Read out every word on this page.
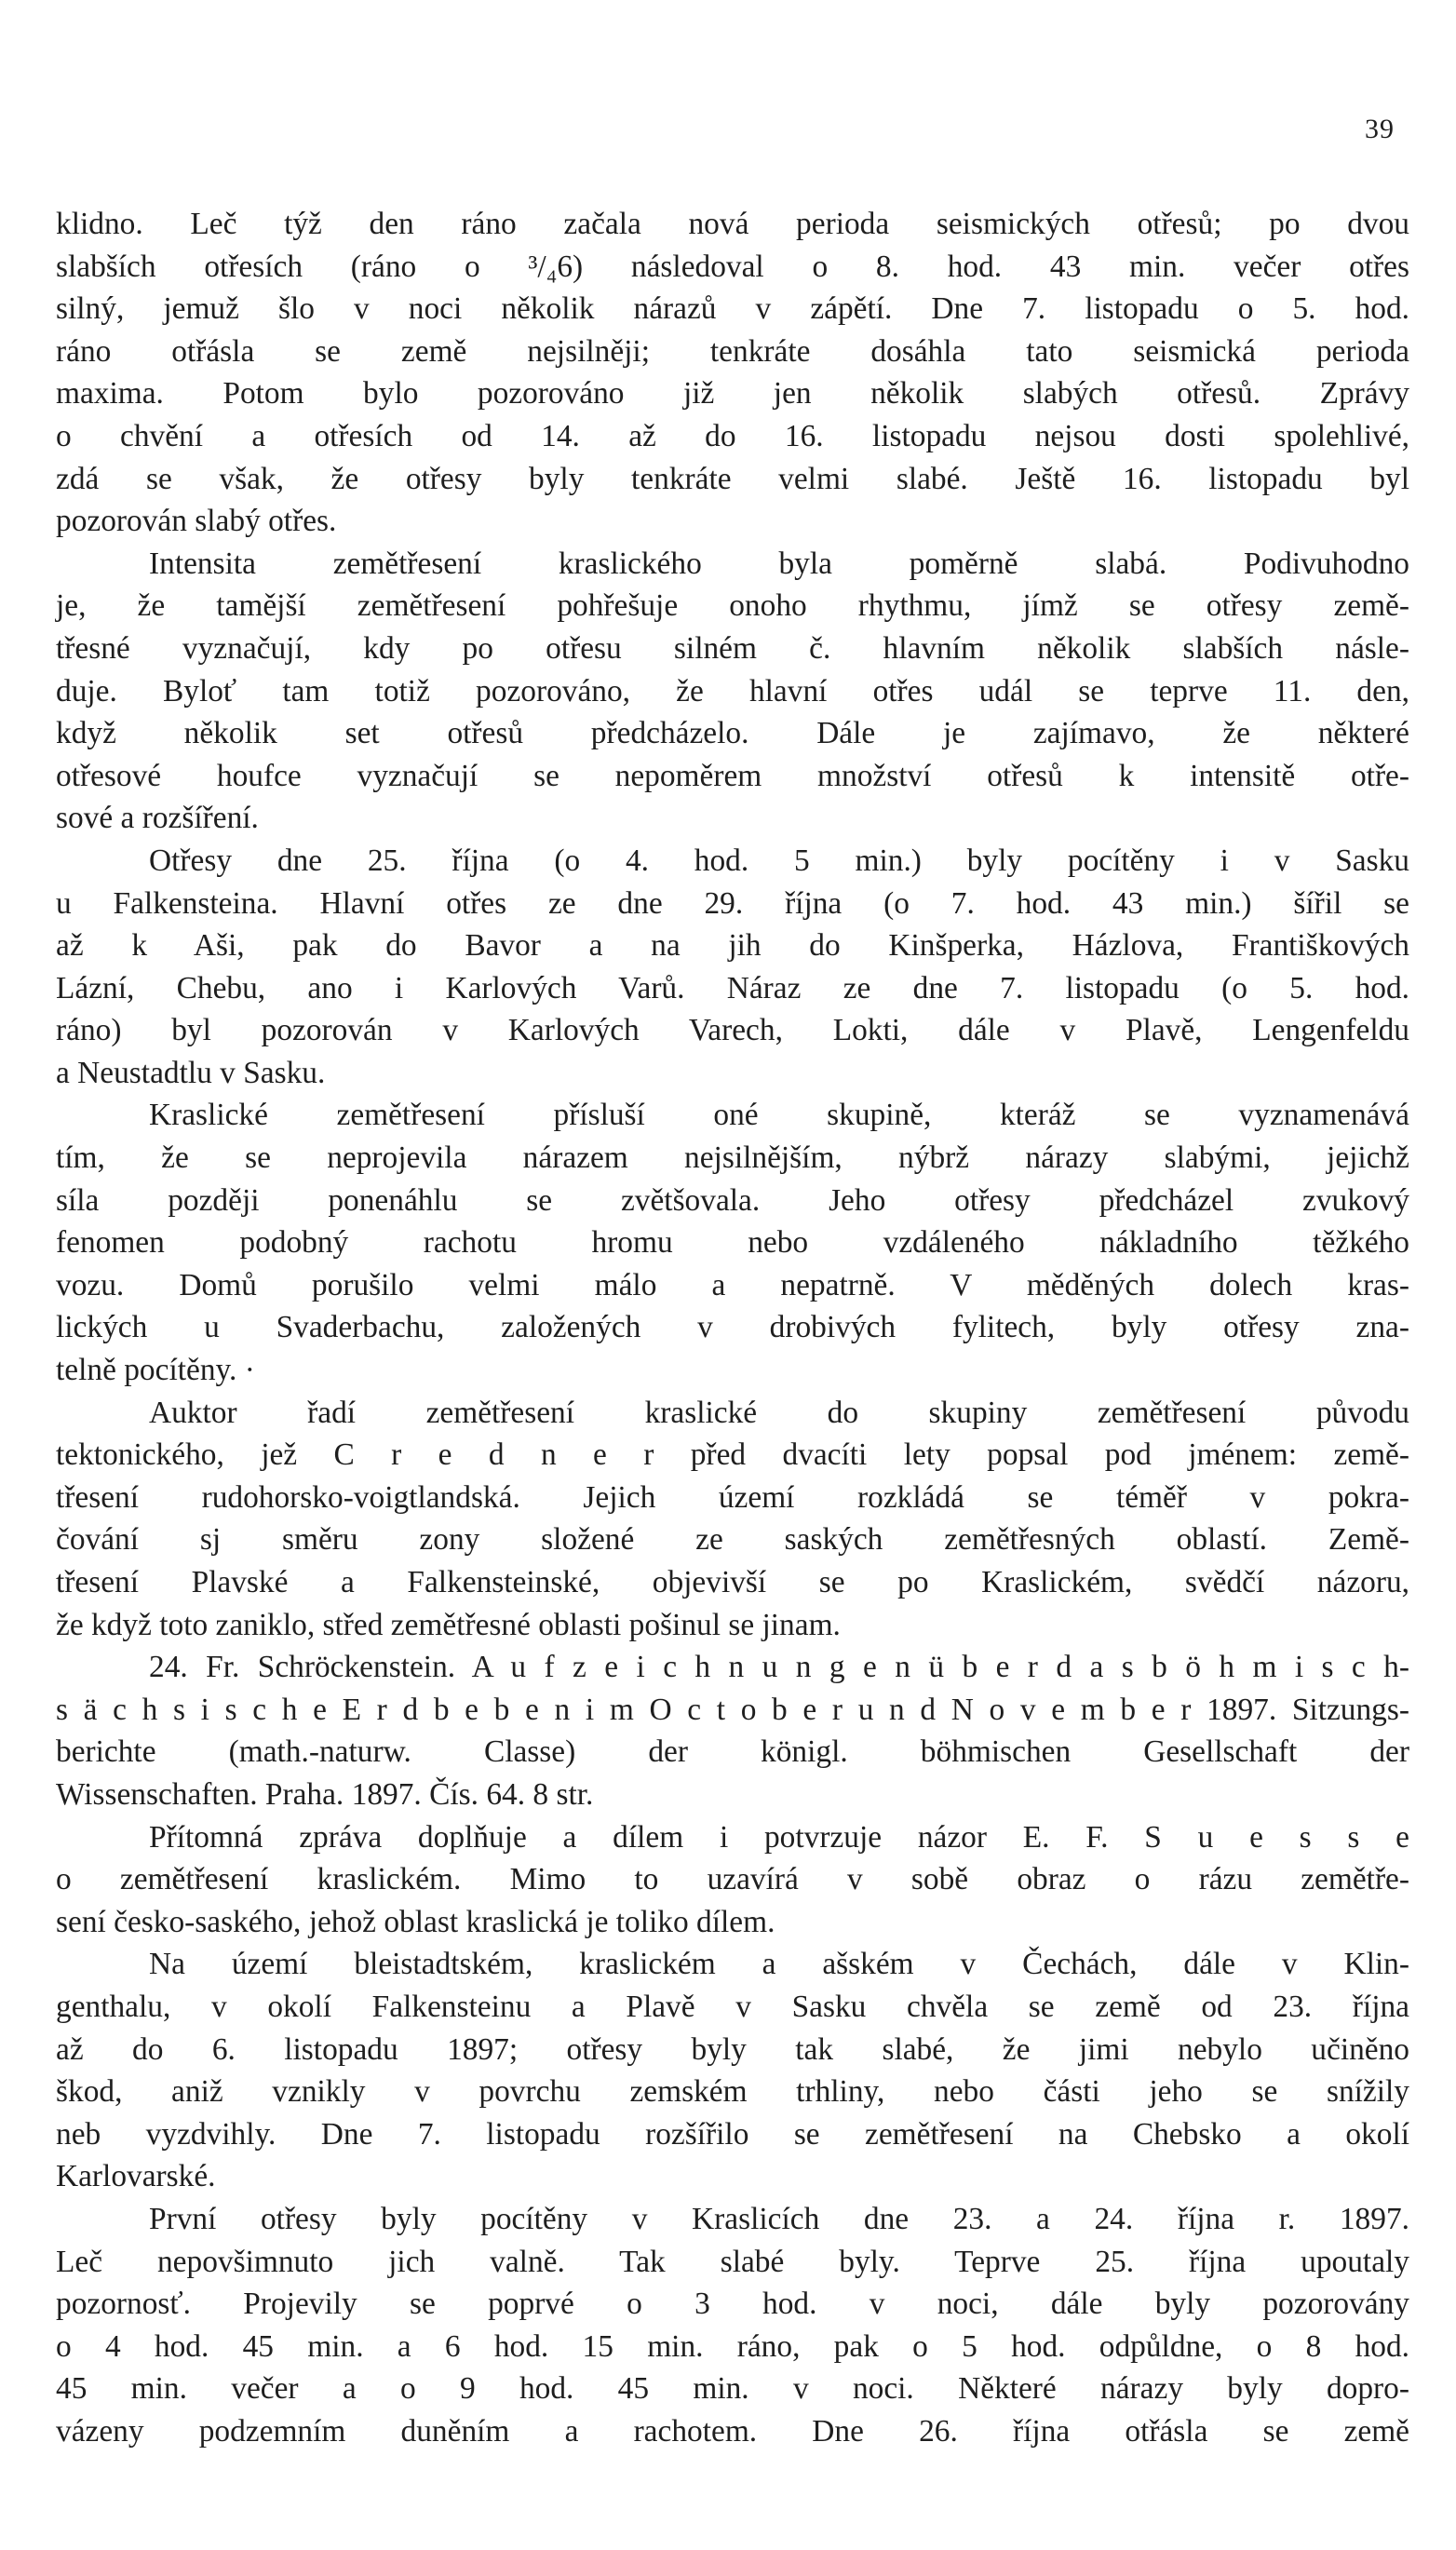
39
klidno. Leč týž den ráno začala nová perioda seismických otřesů; po dvou
slabších otřesích (ráno o ³/₄6) následoval o 8. hod. 43 min. večer otřes
silný, jemuž šlo v noci několik nárazů v zápětí. Dne 7. listopadu o 5. hod.
ráno otřásla se země nejsilněji; tenkráte dosáhla tato seismická perioda
maxima. Potom bylo pozorováno již jen několik slabých otřesů. Zprávy
o chvění a otřesích od 14. až do 16. listopadu nejsou dosti spolehlivé,
zdá se však, že otřesy byly tenkráte velmi slabé. Ještě 16. listopadu byl
pozorován slabý otřes.
Intensita zemětřesení kraslického byla poměrně slabá. Podivuhodno
je, že tamější zemětřesení pohřešuje onoho rhythmu, jímž se otřesy země-
třesné vyznačují, kdy po otřesu silném č. hlavním několik slabších násle-
duje. Byloť tam totiž pozorováno, že hlavní otřes udál se teprve 11. den,
když několik set otřesů předcházelo. Dále je zajímavo, že některé
otřesové houfce vyznačují se nepoměrem množství otřesů k intensitě otře-
sové a rozšíření.
Otřesy dne 25. října (o 4. hod. 5 min.) byly pocítěny i v Sasku
u Falkensteina. Hlavní otřes ze dne 29. října (o 7. hod. 43 min.) šířil se
až k Aši, pak do Bavor a na jih do Kinšperka, Házlova, Františkových
Lázní, Chebu, ano i Karlových Varů. Náraz ze dne 7. listopadu (o 5. hod.
ráno) byl pozorován v Karlových Varech, Lokti, dále v Plavě, Lengenfeldu
a Neustadtlu v Sasku.
Kraslické zemětřesení přísluší oné skupině, kteráž se vyznamenává
tím, že se neprojevila nárazem nejsilnějším, nýbrž nárazy slabými, jejichž
síla později ponenáhlu se zvětšovala. Jeho otřesy předcházel zvukový
fenomen podobný rachotu hromu nebo vzdáleného nákladního těžkého
vozu. Domů porušilo velmi málo a nepatrně. V měděných dolech kras-
lických u Svaderbachu, založených v drobivých fylitech, byly otřesy zna-
telně pocítěny. ·
Auktor řadí zemětřesení kraslické do skupiny zemětřesení původu
tektonického, jež C r e d n e r před dvacíti lety popsal pod jménem: země-
třesení rudohorsko-voigtlandská. Jejich území rozkládá se téměř v pokra-
čování sj směru zony složené ze saských zemětřesných oblastí. Země-
třesení Plavské a Falkensteinské, objevivší se po Kraslickém, svědčí názoru,
že když toto zaniklo, střed zemětřesné oblasti pošinul se jinam.
24. Fr. Schröckenstein. A u f z e i c h n u n g e n ü b e r d a s b ö h m i s c h-
s ä c h s i s c h e E r d b e b e n i m O c t o b e r u n d N o v e m b e r 1897. Sitzungs-
berichte (math.-naturw. Classe) der königl. böhmischen Gesellschaft der
Wissenschaften. Praha. 1897. Čís. 64. 8 str.
Přítomná zpráva doplňuje a dílem i potvrzuje názor E. F. S u e s s e
o zemětřesení kraslickém. Mimo to uzavírá v sobě obraz o rázu zemětře-
sení česko-saského, jehož oblast kraslická je toliko dílem.
Na území bleistadtském, kraslickém a ašském v Čechách, dále v Klin-
genthalu, v okolí Falkensteinu a Plavě v Sasku chvěla se země od 23. října
až do 6. listopadu 1897; otřesy byly tak slabé, že jimi nebylo učiněno
škod, aniž vznikly v povrchu zemském trhliny, nebo části jeho se snížily
neb vyzdvihly. Dne 7. listopadu rozšířilo se zemětřesení na Chebsko a okolí
Karlovarské.
První otřesy byly pocítěny v Kraslicích dne 23. a 24. října r. 1897.
Leč nepovšimnuto jich valně. Tak slabé byly. Teprve 25. října upoutaly
pozornosť. Projevily se poprvé o 3 hod. v noci, dále byly pozorovány
o 4 hod. 45 min. a 6 hod. 15 min. ráno, pak o 5 hod. odpůldne, o 8 hod.
45 min. večer a o 9 hod. 45 min. v noci. Některé nárazy byly dopro-
vázeny podzemním duněním a rachotem. Dne 26. října otřásla se země
